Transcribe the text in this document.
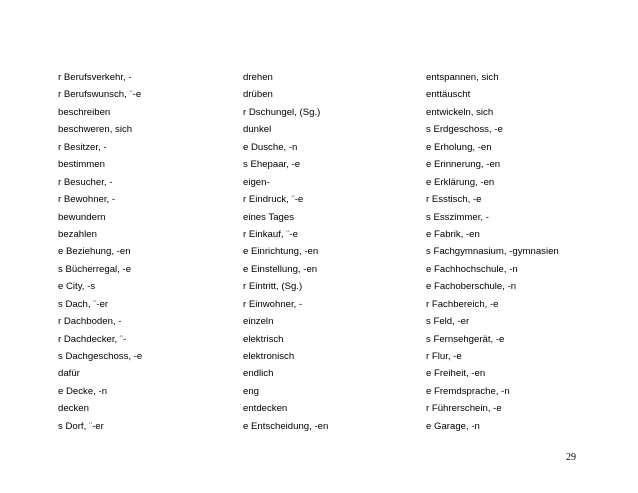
r Berufsverkehr, -
r Berufswunsch, ¨-e
beschreiben
beschweren, sich
r Besitzer, -
bestimmen
r Besucher, -
r Bewohner, -
bewundern
bezahlen
e Beziehung, -en
s Bücherregal, -e
e City, -s
s Dach, ¨-er
r Dachboden, -
r Dachdecker, ¨-
s Dachgeschoss, -e
dafür
e Decke, -n
decken
s Dorf, ¨-er
drehen
drüben
r Dschungel, (Sg.)
dunkel
e Dusche, -n
s Ehepaar, -e
eigen-
r Eindruck, ¨-e
eines Tages
r Einkauf, ¨-e
e Einrichtung, -en
e Einstellung, -en
r Eintritt, (Sg.)
r Einwohner, -
einzeln
elektrisch
elektronisch
endlich
eng
entdecken
e Entscheidung, -en
entspannen, sich
enttäuscht
entwickeln, sich
s Erdgeschoss, -e
e Erholung, -en
e Erinnerung, -en
e Erklärung, -en
r Esstisch, -e
s Esszimmer, -
e Fabrik, -en
s Fachgymnasium, -gymnasien
e Fachhochschule, -n
e Fachoberschule, -n
r Fachbereich, -e
s Feld, -er
s Fernsehgerät, -e
r Flur, -e
e Freiheit, -en
e Fremdsprache, -n
r Führerschein, -e
e Garage, -n
29
